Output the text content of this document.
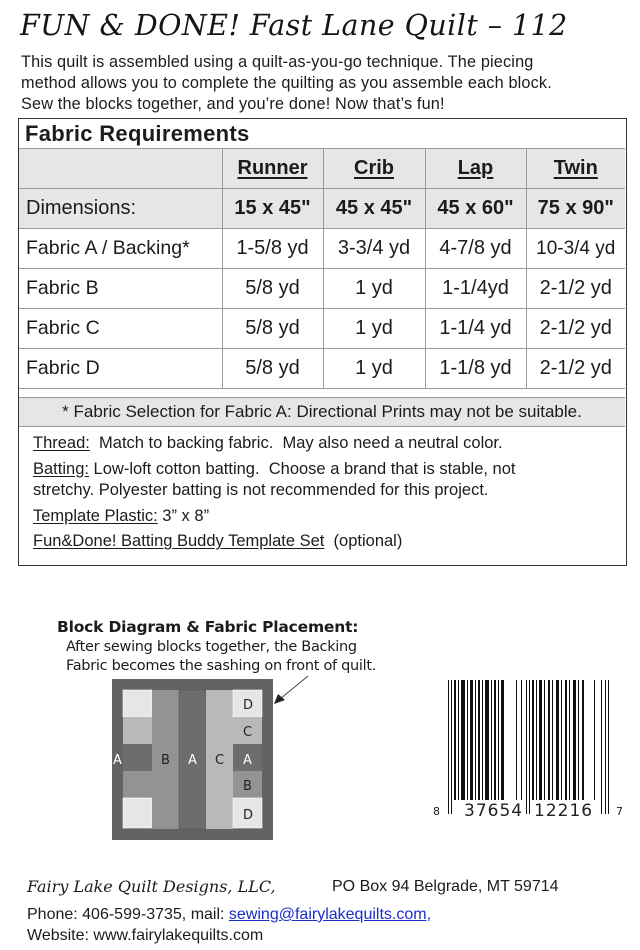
FUN & DONE! Fast Lane Quilt – 112
This quilt is assembled using a quilt-as-you-go technique. The piecing
method allows you to complete the quilting as you assemble each block.
Sew the blocks together, and you’re done! Now that’s fun!
Fabric Requirements
	Runner	Crib	Lap	Twin
Dimensions:	15 x 45"	45 x 45"	45 x 60"	75 x 90"
Fabric A / Backing*	1-5/8 yd	3-3/4 yd	4-7/8 yd	10-3/4 yd
Fabric B	5/8 yd	1 yd	1-1/4yd	2-1/2 yd
Fabric C	5/8 yd	1 yd	1-1/4 yd	2-1/2 yd
Fabric D	5/8 yd	1 yd	1-1/8 yd	2-1/2 yd
* Fabric Selection for Fabric A: Directional Prints may not be suitable.
Thread:  Match to backing fabric.  May also need a neutral color.
Batting: Low-loft cotton batting.  Choose a brand that is stable, not
stretchy. Polyester batting is not recommended for this project.
Template Plastic: 3” x 8”
Fun&Done! Batting Buddy Template Set  (optional)
Block Diagram & Fabric Placement:
After sewing blocks together, the Backing
Fabric becomes the sashing on front of quilt.
A	B A C
D
C
A
B
D	8 37654 12216 7
Fairy Lake Quilt Designs, LLC,	PO Box 94 Belgrade, MT 59714
Phone: 406-599-3735, mail: sewing@fairylakequilts.com,
Website: www.fairylakequilts.com
